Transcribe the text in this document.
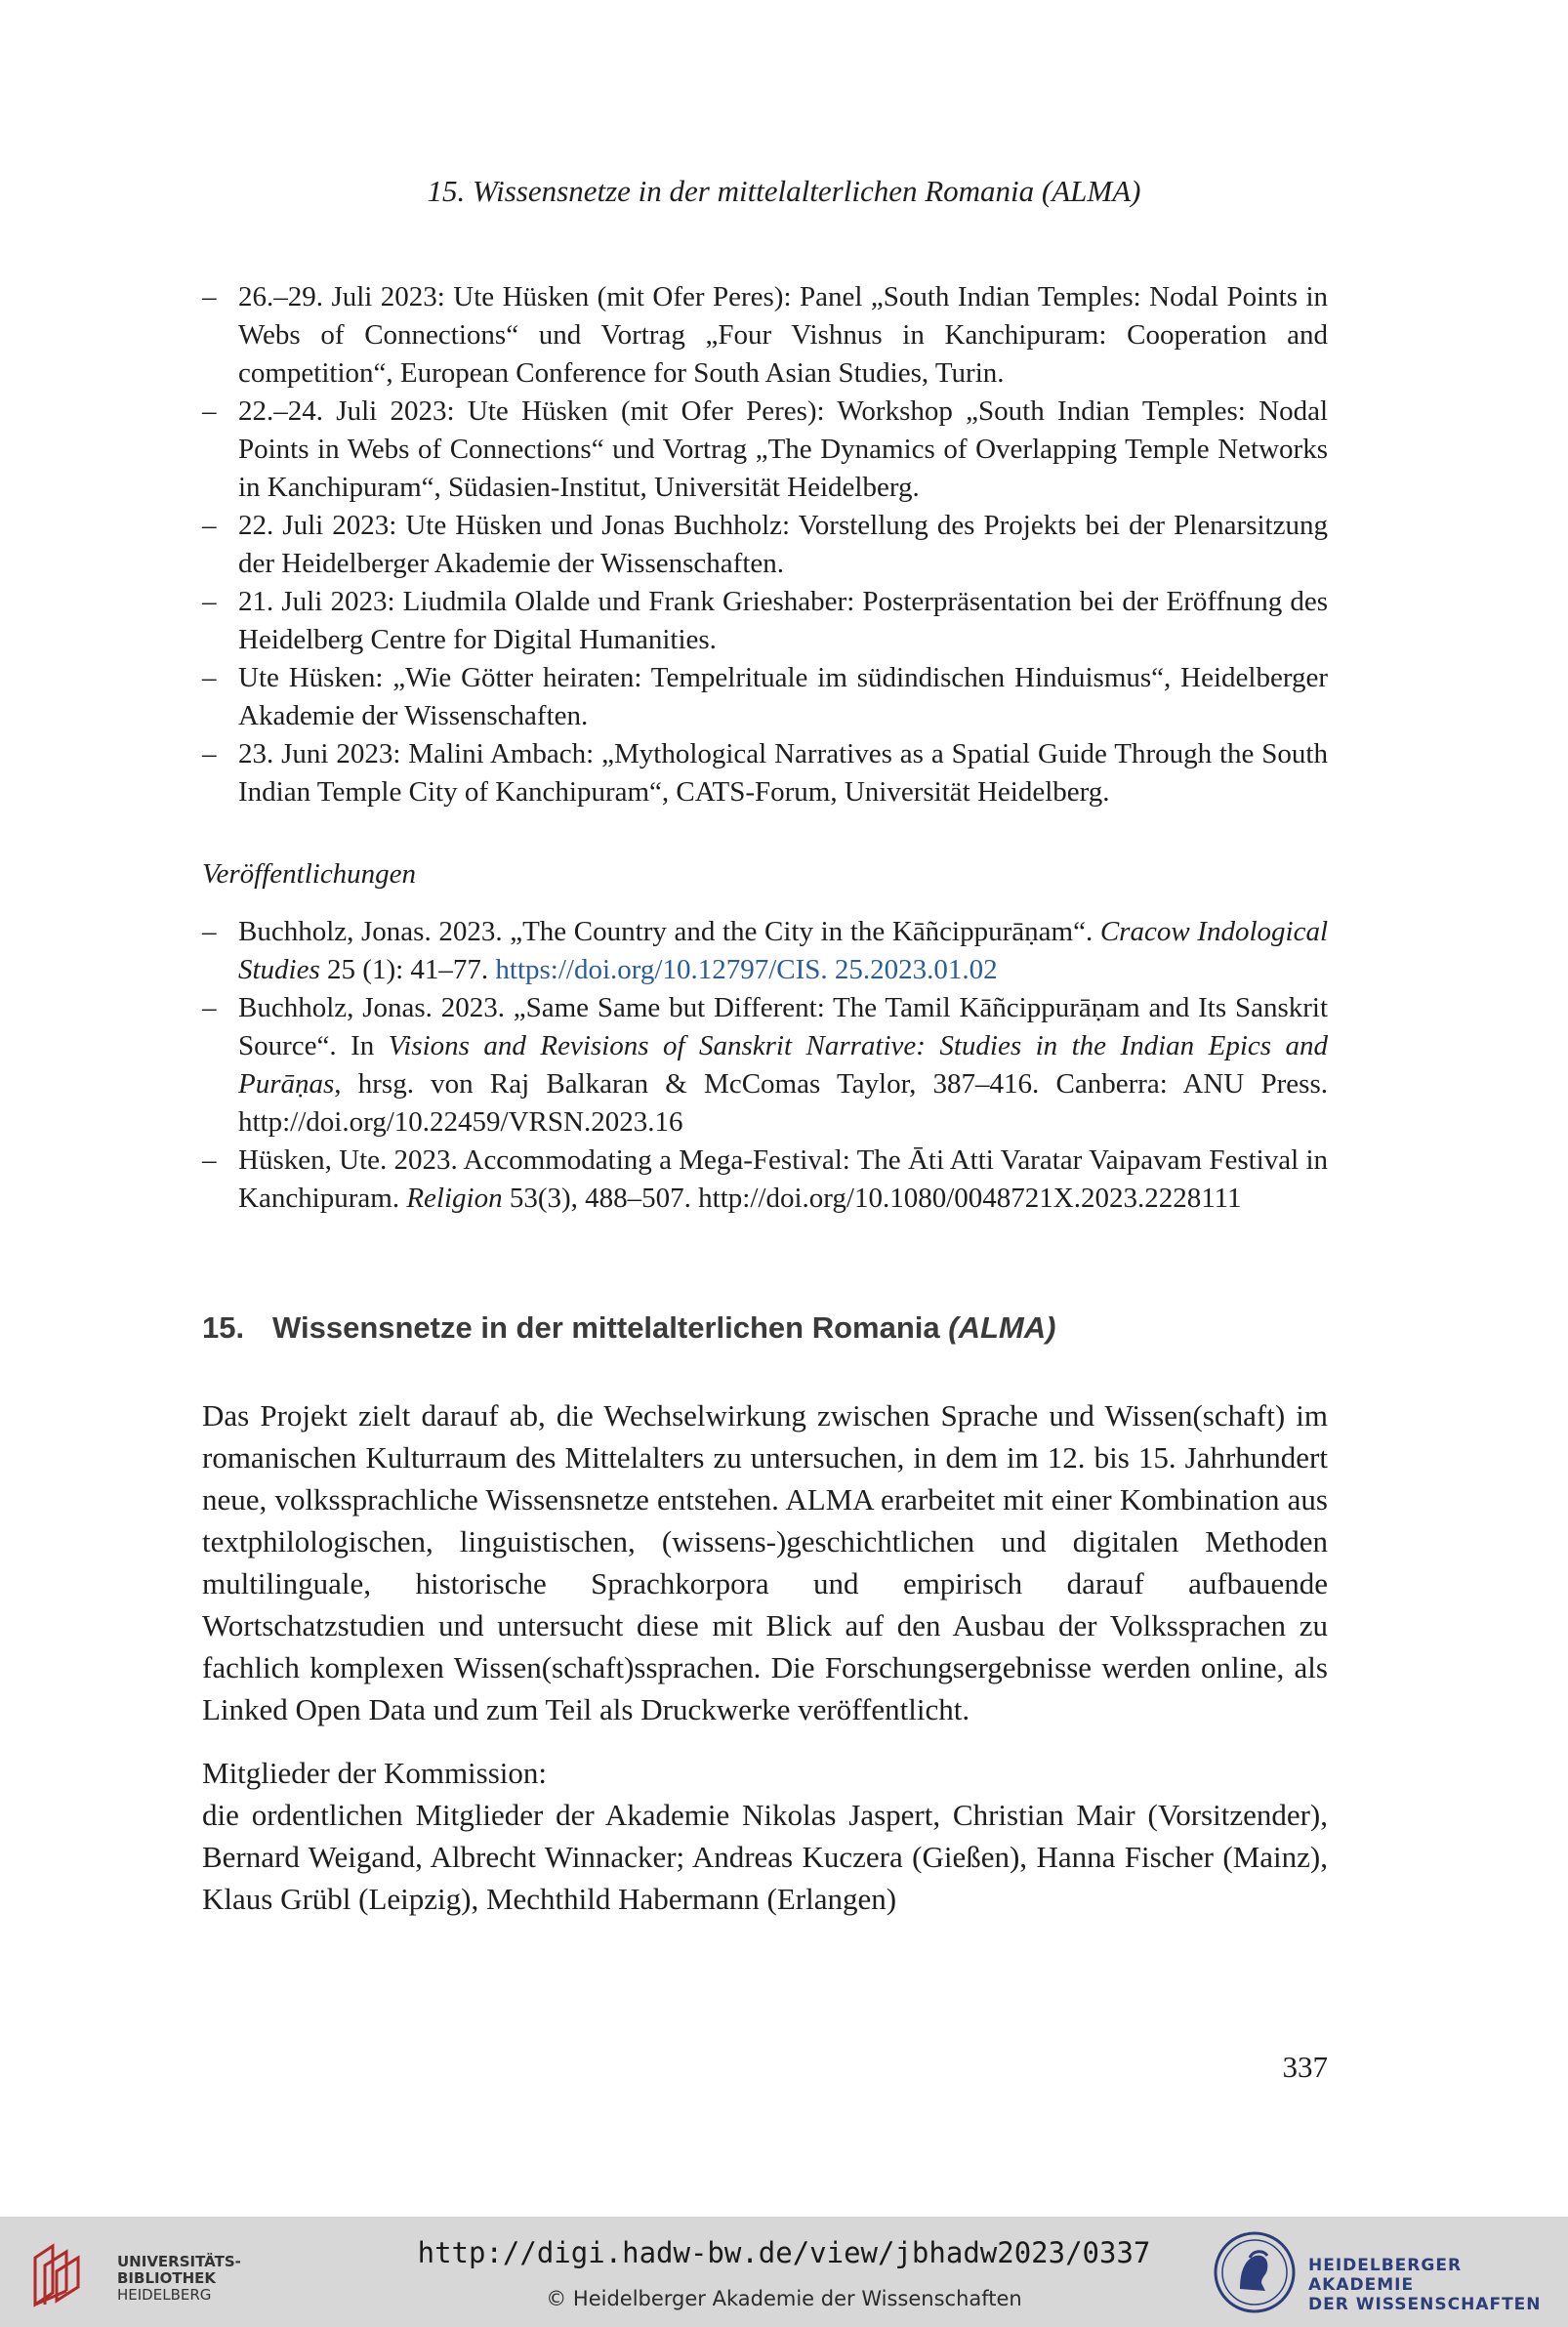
15. Wissensnetze in der mittelalterlichen Romania (ALMA)
– 26.–29. Juli 2023: Ute Hüsken (mit Ofer Peres): Panel „South Indian Temples: Nodal Points in Webs of Connections“ und Vortrag „Four Vishnus in Kanchipuram: Cooperation and competition“, European Conference for South Asian Studies, Turin.
– 22.–24. Juli 2023: Ute Hüsken (mit Ofer Peres): Workshop „South Indian Temples: Nodal Points in Webs of Connections“ und Vortrag „The Dynamics of Overlapping Temple Networks in Kanchipuram“, Südasien-Institut, Universität Heidelberg.
– 22. Juli 2023: Ute Hüsken und Jonas Buchholz: Vorstellung des Projekts bei der Plenarsitzung der Heidelberger Akademie der Wissenschaften.
– 21. Juli 2023: Liudmila Olalde und Frank Grieshaber: Posterpräsentation bei der Eröffnung des Heidelberg Centre for Digital Humanities.
– Ute Hüsken: „Wie Götter heiraten: Tempelrituale im südindischen Hinduismus“, Heidelberger Akademie der Wissenschaften.
– 23. Juni 2023: Malini Ambach: „Mythological Narratives as a Spatial Guide Through the South Indian Temple City of Kanchipuram“, CATS-Forum, Universität Heidelberg.
Veröffentlichungen
– Buchholz, Jonas. 2023. „The Country and the City in the Kāñcippurāṇam“. Cracow Indological Studies 25 (1): 41–77. https://doi.org/10.12797/CIS. 25.2023.01.02
– Buchholz, Jonas. 2023. „Same Same but Different: The Tamil Kāñcippurāṇam and Its Sanskrit Source“. In Visions and Revisions of Sanskrit Narrative: Studies in the Indian Epics and Purāṇas, hrsg. von Raj Balkaran & McComas Taylor, 387–416. Canberra: ANU Press. http://doi.org/10.22459/VRSN.2023.16
– Hüsken, Ute. 2023. Accommodating a Mega-Festival: The Āti Atti Varatar Vaipavam Festival in Kanchipuram. Religion 53(3), 488–507. http://doi.org/10.1080/0048721X.2023.2228111
15. Wissensnetze in der mittelalterlichen Romania (ALMA)

Das Projekt zielt darauf ab, die Wechselwirkung zwischen Sprache und Wissen(schaft) im romanischen Kulturraum des Mittelalters zu untersuchen, in dem im 12. bis 15. Jahrhundert neue, volkssprachliche Wissensnetze entstehen. ALMA erarbeitet mit einer Kombination aus textphilologischen, linguistischen, (wissens-)geschichtlichen und digitalen Methoden multilinguale, historische Sprachkorpora und empirisch darauf aufbauende Wortschatzstudien und untersucht diese mit Blick auf den Ausbau der Volkssprachen zu fachlich komplexen Wissen(schaft)ssprachen. Die Forschungsergebnisse werden online, als Linked Open Data und zum Teil als Druckwerke veröffentlicht.

Mitglieder der Kommission:
die ordentlichen Mitglieder der Akademie Nikolas Jaspert, Christian Mair (Vorsitzender), Bernard Weigand, Albrecht Winnacker; Andreas Kuczera (Gießen), Hanna Fischer (Mainz), Klaus Grübl (Leipzig), Mechthild Habermann (Erlangen)
337
UNIVERSITÄTS-
BIBLIOTHEK
HEIDELBERG
http://digi.hadw-bw.de/view/jbhadw2023/0337
© Heidelberger Akademie der Wissenschaften
HEIDELBERGER AKADEMIE
DER WISSENSCHAFTEN
